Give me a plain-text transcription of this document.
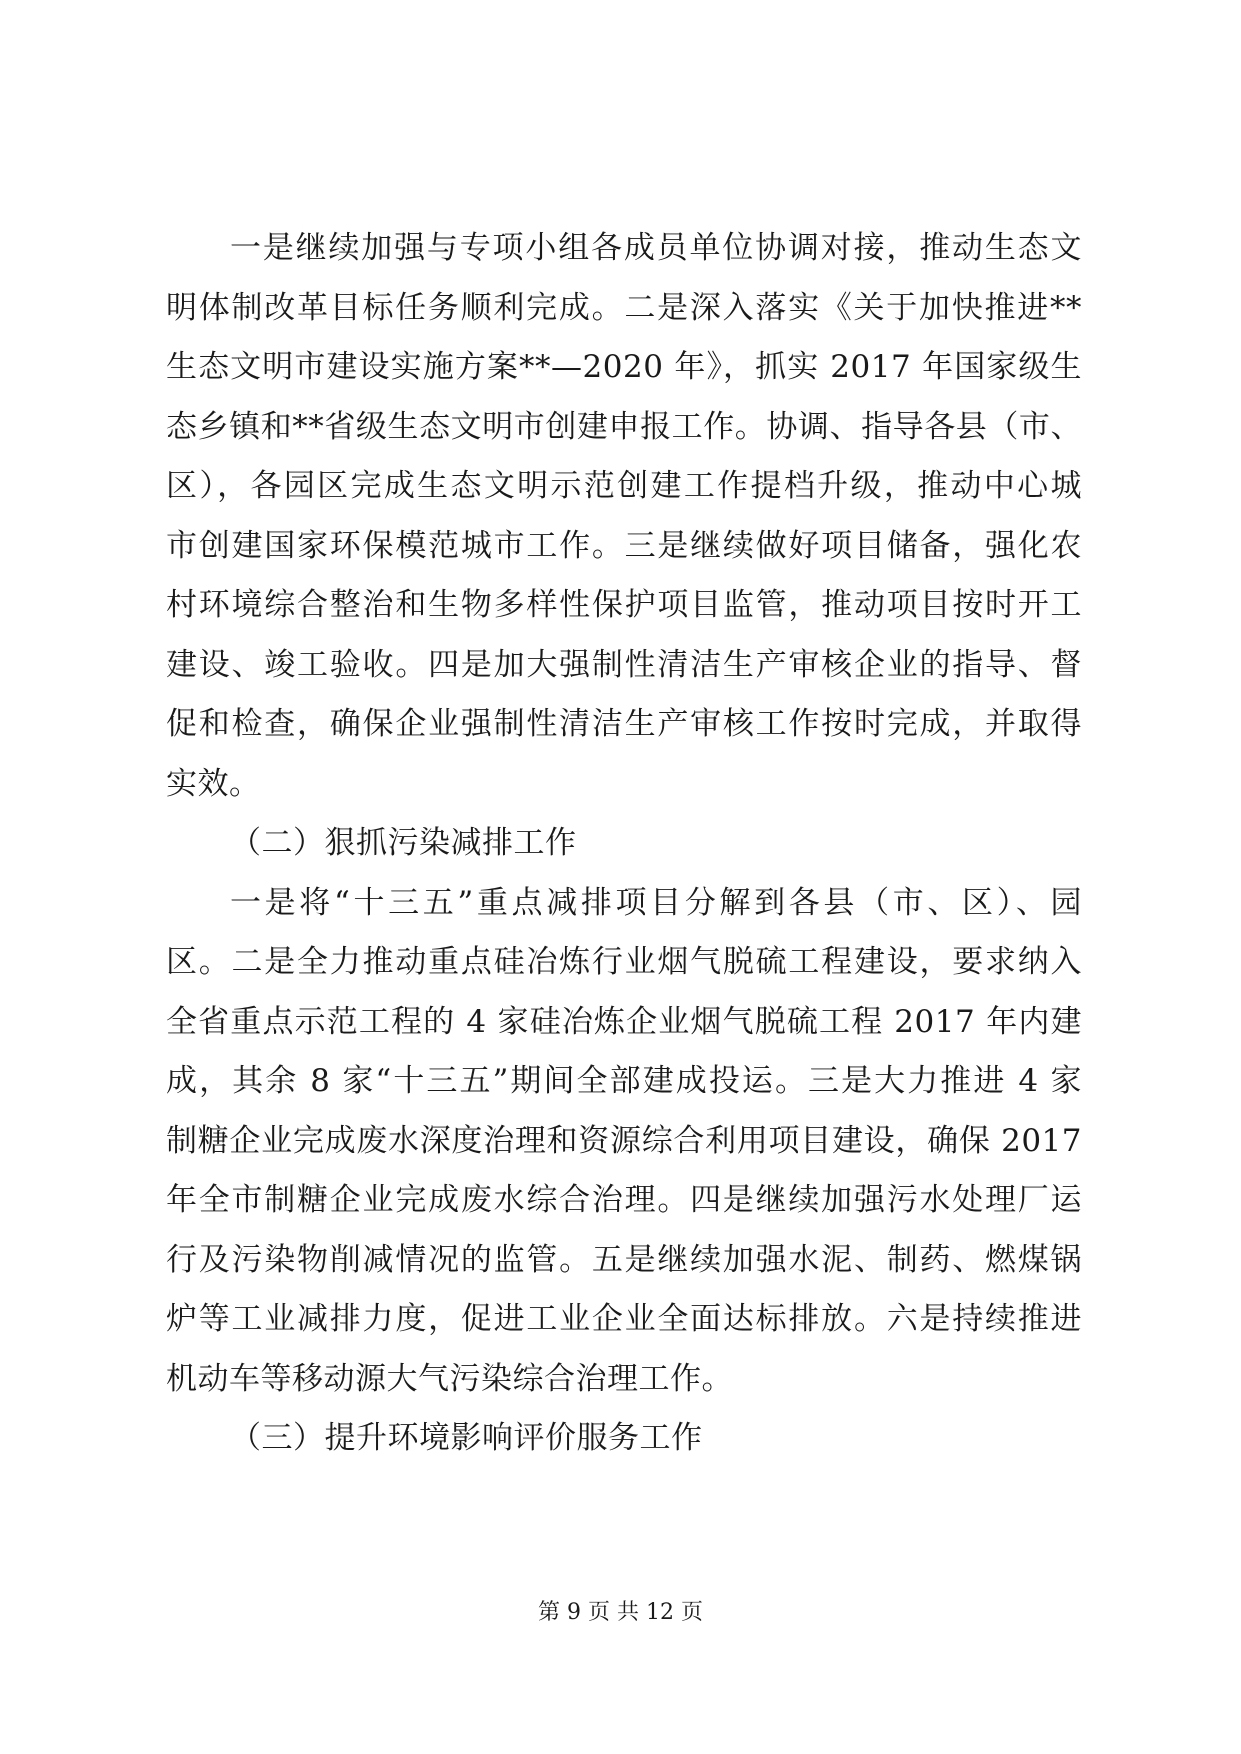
一是继续加强与专项小组各成员单位协调对接，推动生态文
明体制改革目标任务顺利完成。二是深入落实《关于加快推进**
生态文明市建设实施方案**—2020 年》，抓实 2017 年国家级生
态乡镇和**省级生态文明市创建申报工作。协调、指导各县（市、
区），各园区完成生态文明示范创建工作提档升级，推动中心城
市创建国家环保模范城市工作。三是继续做好项目储备，强化农
村环境综合整治和生物多样性保护项目监管，推动项目按时开工
建设、竣工验收。四是加大强制性清洁生产审核企业的指导、督
促和检查，确保企业强制性清洁生产审核工作按时完成，并取得
实效。
（二）狠抓污染减排工作
一是将“十三五”重点减排项目分解到各县（市、区）、园
区。二是全力推动重点硅冶炼行业烟气脱硫工程建设，要求纳入
全省重点示范工程的 4 家硅冶炼企业烟气脱硫工程 2017 年内建
成，其余 8 家“十三五”期间全部建成投运。三是大力推进 4 家
制糖企业完成废水深度治理和资源综合利用项目建设，确保 2017
年全市制糖企业完成废水综合治理。四是继续加强污水处理厂运
行及污染物削减情况的监管。五是继续加强水泥、制药、燃煤锅
炉等工业减排力度，促进工业企业全面达标排放。六是持续推进
机动车等移动源大气污染综合治理工作。
（三）提升环境影响评价服务工作
第 9 页 共 12 页
